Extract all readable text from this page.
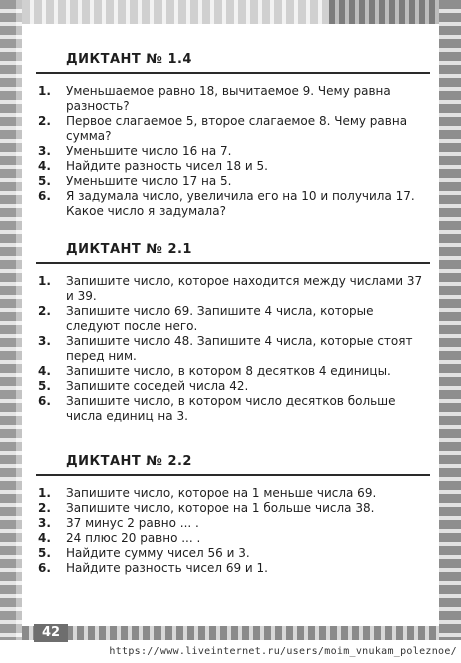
ДИКТАНТ № 1.4
1. Уменьшаемое равно 18, вычитаемое 9. Чему равна разность?
2. Первое слагаемое 5, второе слагаемое 8. Чему равна сумма?
3. Уменьшите число 16 на 7.
4. Найдите разность чисел 18 и 5.
5. Уменьшите число 17 на 5.
6. Я задумала число, увеличила его на 10 и получила 17. Какое число я задумала?
ДИКТАНТ № 2.1
1. Запишите число, которое находится между числами 37 и 39.
2. Запишите число 69. Запишите 4 числа, которые следуют после него.
3. Запишите число 48. Запишите 4 числа, которые стоят перед ним.
4. Запишите число, в котором 8 десятков 4 единицы.
5. Запишите соседей числа 42.
6. Запишите число, в котором число десятков больше числа единиц на 3.
ДИКТАНТ № 2.2
1. Запишите число, которое на 1 меньше числа 69.
2. Запишите число, которое на 1 больше числа 38.
3. 37 минус 2 равно ... .
4. 24 плюс 20 равно ... .
5. Найдите сумму чисел 56 и 3.
6. Найдите разность чисел 69 и 1.
42
https://www.liveinternet.ru/users/moim_vnukam_poleznoe/
